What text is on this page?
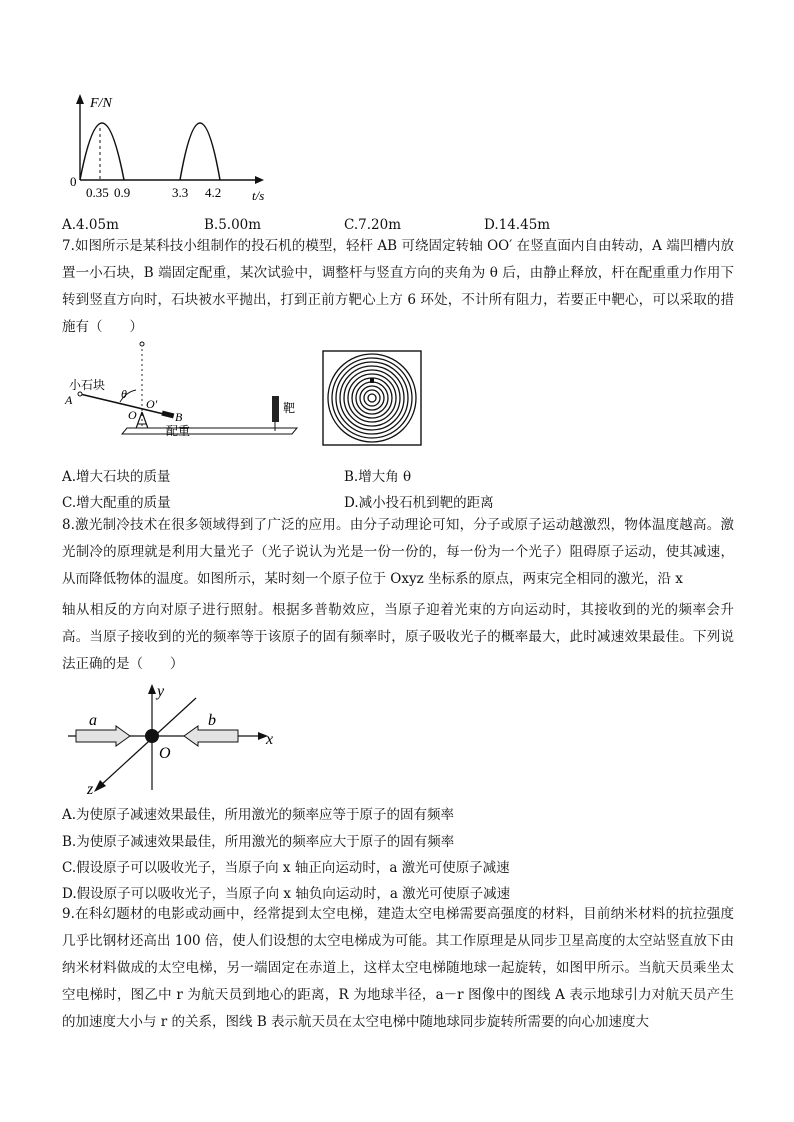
F/N
0
0.35 0.9	3.3 4.2 t/s
A.4.05m	B.5.00m	C.7.20m	D.14.45m
7.如图所示是某科技小组制作的投石机的模型，轻杆 AB 可绕固定转轴 OO′ 在竖直面内自由转动，A 端凹槽内放置一小石块，B 端固定配重，某次试验中，调整杆与竖直方向的夹角为 θ 后，由静止释放，杆在配重重力作用下转到竖直方向时，石块被水平抛出，打到正前方靶心上方 6 环处，不计所有阻力，若要正中靶心，可以采取的措施有（　　）
小石块
A	θ
O′
O	B
配重
靶
A.增大石块的质量	B.增大角 θ
C.增大配重的质量	D.减小投石机到靶的距离
8.激光制冷技术在很多领域得到了广泛的应用。由分子动理论可知，分子或原子运动越激烈，物体温度越高。激光制冷的原理就是利用大量光子（光子说认为光是一份一份的，每一份为一个光子）阻碍原子运动，使其减速，从而降低物体的温度。如图所示，某时刻一个原子位于 Oxyz 坐标系的原点，两束完全相同的激光，沿 x
轴从相反的方向对原子进行照射。根据多普勒效应，当原子迎着光束的方向运动时，其接收到的光的频率会升高。当原子接收到的光的频率等于该原子的固有频率时，原子吸收光子的概率最大，此时减速效果最佳。下列说法正确的是（　　）
y
x
z
O
a	b
A.为使原子减速效果最佳，所用激光的频率应等于原子的固有频率
B.为使原子减速效果最佳，所用激光的频率应大于原子的固有频率
C.假设原子可以吸收光子，当原子向 x 轴正向运动时，a 激光可使原子减速
D.假设原子可以吸收光子，当原子向 x 轴负向运动时，a 激光可使原子减速
9.在科幻题材的电影或动画中，经常提到太空电梯，建造太空电梯需要高强度的材料，目前纳米材料的抗拉强度几乎比钢材还高出 100 倍，使人们设想的太空电梯成为可能。其工作原理是从同步卫星高度的太空站竖直放下由纳米材料做成的太空电梯，另一端固定在赤道上，这样太空电梯随地球一起旋转，如图甲所示。当航天员乘坐太空电梯时，图乙中 r 为航天员到地心的距离，R 为地球半径，a－r 图像中的图线 A 表示地球引力对航天员产生的加速度大小与 r 的关系，图线 B 表示航天员在太空电梯中随地球同步旋转所需要的向心加速度大
